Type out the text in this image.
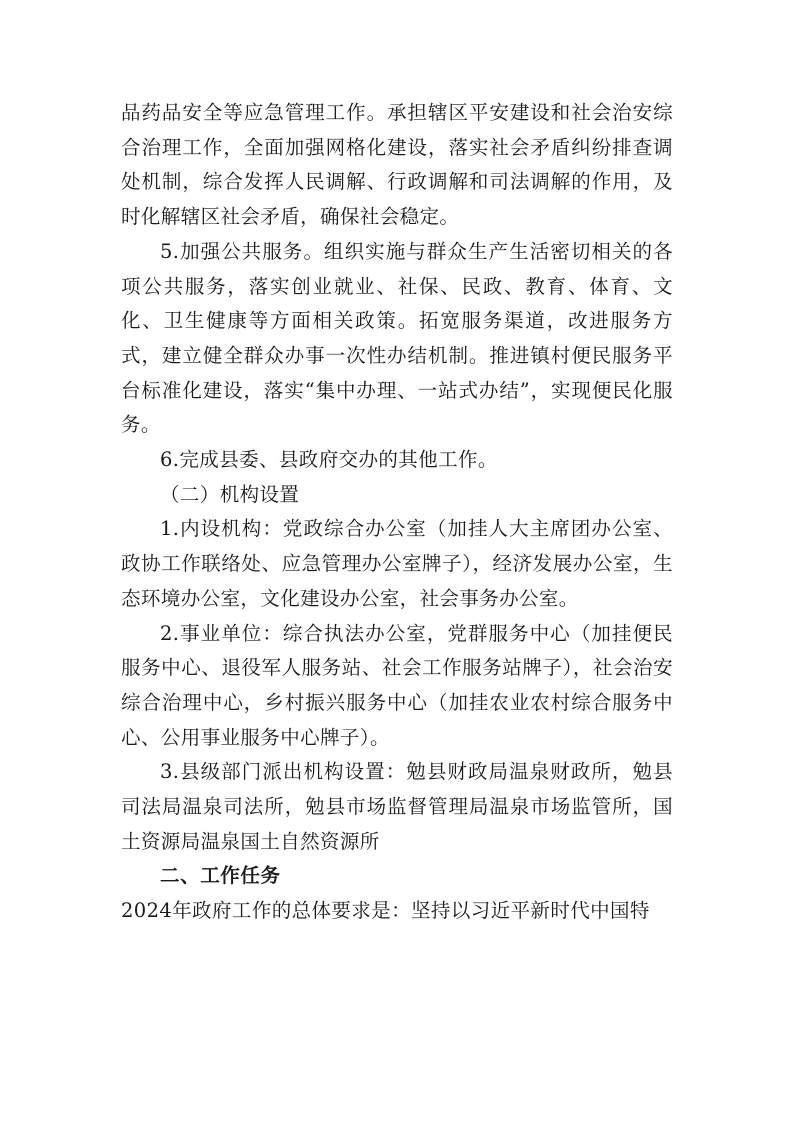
品药品安全等应急管理工作。承担辖区平安建设和社会治安综合治理工作，全面加强网格化建设，落实社会矛盾纠纷排查调处机制，综合发挥人民调解、行政调解和司法调解的作用，及时化解辖区社会矛盾，确保社会稳定。

5.加强公共服务。组织实施与群众生产生活密切相关的各项公共服务，落实创业就业、社保、民政、教育、体育、文化、卫生健康等方面相关政策。拓宽服务渠道，改进服务方式，建立健全群众办事一次性办结机制。推进镇村便民服务平台标准化建设，落实“集中办理、一站式办结”，实现便民化服务。

6.完成县委、县政府交办的其他工作。

（二）机构设置

1.内设机构：党政综合办公室（加挂人大主席团办公室、政协工作联络处、应急管理办公室牌子），经济发展办公室，生态环境办公室，文化建设办公室，社会事务办公室。

2.事业单位：综合执法办公室，党群服务中心（加挂便民服务中心、退役军人服务站、社会工作服务站牌子），社会治安综合治理中心，乡村振兴服务中心（加挂农业农村综合服务中心、公用事业服务中心牌子）。

3.县级部门派出机构设置：勉县财政局温泉财政所，勉县司法局温泉司法所，勉县市场监督管理局温泉市场监管所，国土资源局温泉国土自然资源所

二、工作任务

2024年政府工作的总体要求是：坚持以习近平新时代中国特
